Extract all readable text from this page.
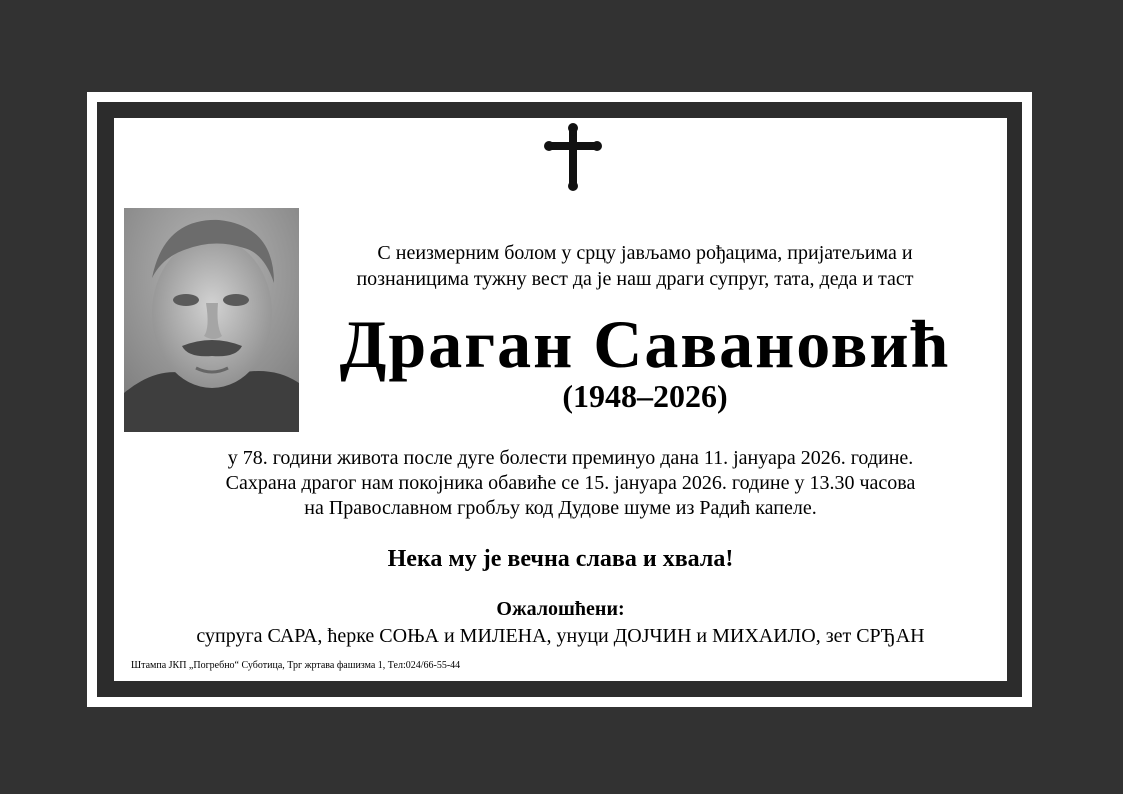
С неизмерним болом у срцу јављамо рођацима, пријатељима и
познаницима тужну вест да је наш драги супруг, тата, деда и таст
Драган Савановић
(1948–2026)
у 78. години живота после дуге болести преминуо дана 11. јануара 2026. године.
Сахрана драгог нам покојника обавиће се 15. јануара 2026. године у 13.30 часова
на Православном гробљу код Дудове шуме из Радић капеле.
Нека му је вечна слава и хвала!
Ожалошћени:
супруга САРА, ћерке СОЊА и МИЛЕНА, унуци ДОЈЧИН и МИХАИЛО, зет СРЂАН
Штампа ЈКП „Погребно“ Суботица, Трг жртава фашизма 1, Тел:024/66-55-44
